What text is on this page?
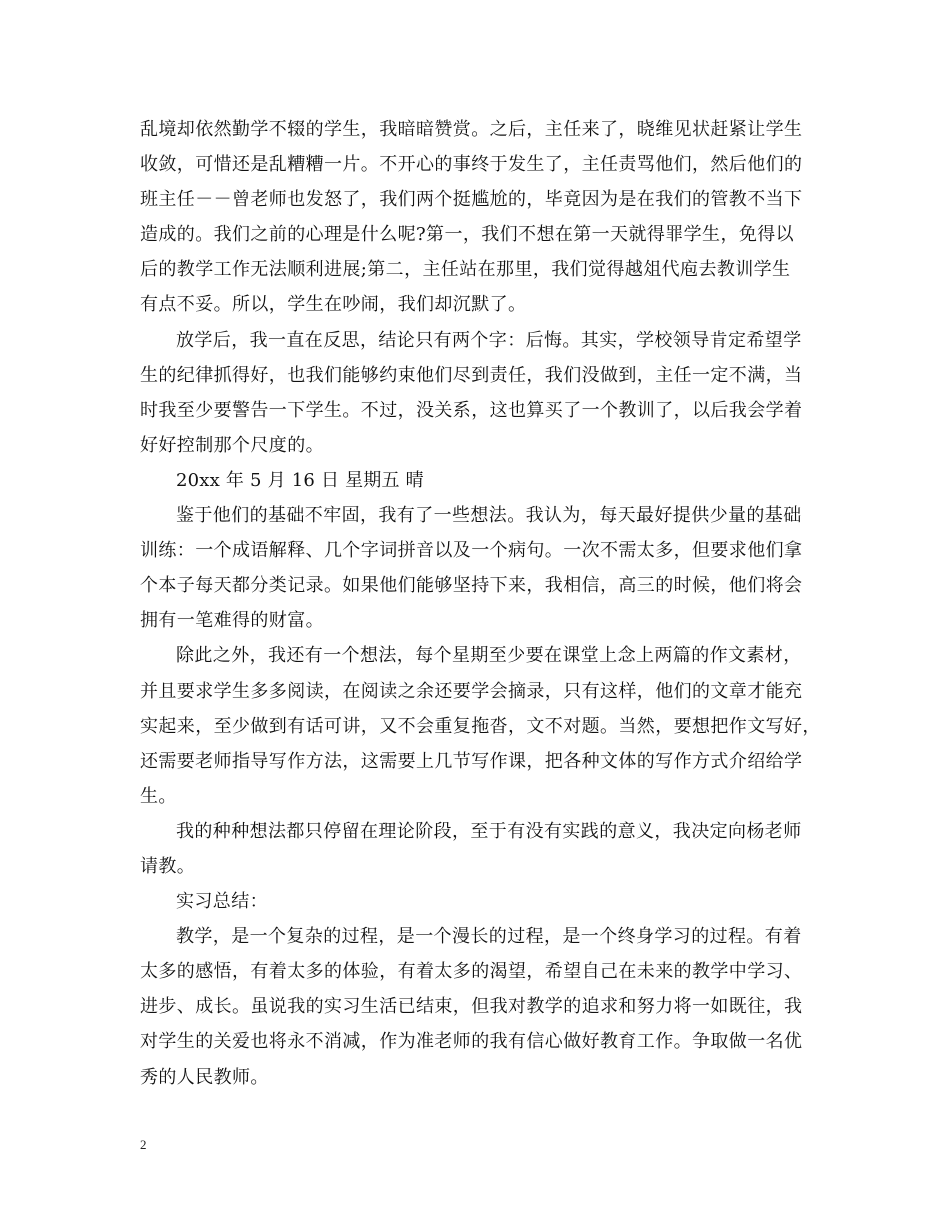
乱境却依然勤学不辍的学生，我暗暗赞赏。之后，主任来了，晓维见状赶紧让学生
收敛，可惜还是乱糟糟一片。不开心的事终于发生了，主任责骂他们，然后他们的
班主任－－曾老师也发怒了，我们两个挺尴尬的，毕竟因为是在我们的管教不当下
造成的。我们之前的心理是什么呢?第一，我们不想在第一天就得罪学生，免得以
后的教学工作无法顺利进展;第二，主任站在那里，我们觉得越俎代庖去教训学生
有点不妥。所以，学生在吵闹，我们却沉默了。
放学后，我一直在反思，结论只有两个字：后悔。其实，学校领导肯定希望学
生的纪律抓得好，也我们能够约束他们尽到责任，我们没做到，主任一定不满，当
时我至少要警告一下学生。不过，没关系，这也算买了一个教训了，以后我会学着
好好控制那个尺度的。
20xx 年 5 月 16 日 星期五 晴
鉴于他们的基础不牢固，我有了一些想法。我认为，每天最好提供少量的基础
训练：一个成语解释、几个字词拼音以及一个病句。一次不需太多，但要求他们拿
个本子每天都分类记录。如果他们能够坚持下来，我相信，高三的时候，他们将会
拥有一笔难得的财富。
除此之外，我还有一个想法，每个星期至少要在课堂上念上两篇的作文素材，
并且要求学生多多阅读，在阅读之余还要学会摘录，只有这样，他们的文章才能充
实起来，至少做到有话可讲，又不会重复拖沓，文不对题。当然，要想把作文写好，
还需要老师指导写作方法，这需要上几节写作课，把各种文体的写作方式介绍给学
生。
我的种种想法都只停留在理论阶段，至于有没有实践的意义，我决定向杨老师
请教。
实习总结：
教学，是一个复杂的过程，是一个漫长的过程，是一个终身学习的过程。有着
太多的感悟，有着太多的体验，有着太多的渴望，希望自己在未来的教学中学习、
进步、成长。虽说我的实习生活已结束，但我对教学的追求和努力将一如既往，我
对学生的关爱也将永不消减，作为准老师的我有信心做好教育工作。争取做一名优
秀的人民教师。
2
